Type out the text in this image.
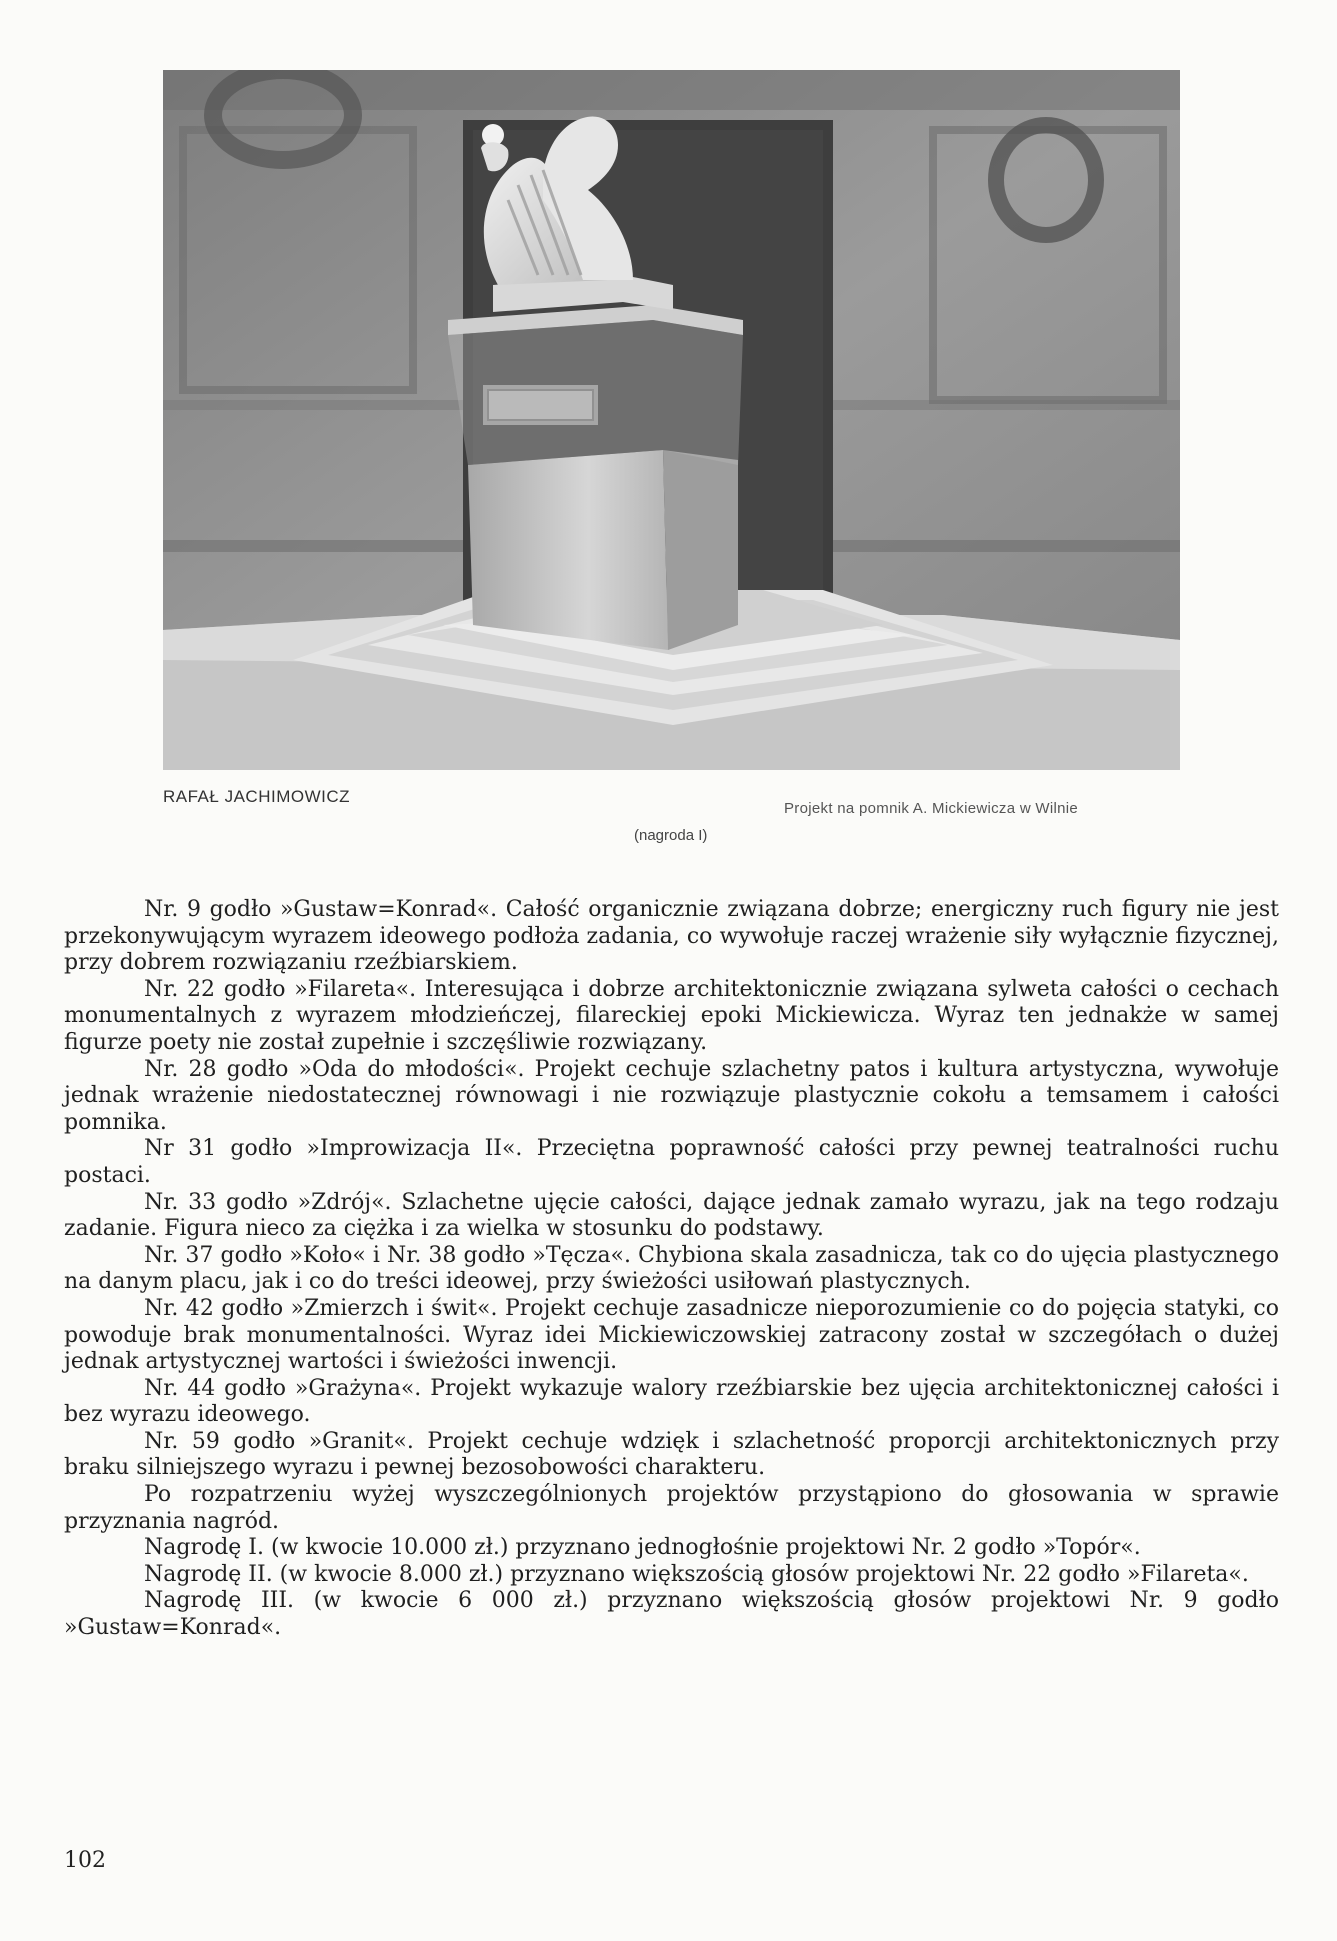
RAFAŁ JACHIMOWICZ
Projekt na pomnik A. Mickiewicza w Wilnie
(nagroda I)

Nr. 9 godło »Gustaw=Konrad«. Całość organicznie związana dobrze; energiczny ruch figury nie jest przekonywującym wyrazem ideowego podłoża zadania, co wywołuje raczej wrażenie siły wyłącznie fizycznej, przy dobrem rozwiązaniu rzeźbiarskiem.

Nr. 22 godło »Filareta«. Interesująca i dobrze architektonicznie związana sylweta całości o cechach monumentalnych z wyrazem młodzieńczej, filareckiej epoki Mickiewicza. Wyraz ten jednakże w samej figurze poety nie został zupełnie i szczęśliwie rozwiązany.

Nr. 28 godło »Oda do młodości«. Projekt cechuje szlachetny patos i kultura artystyczna, wywołuje jednak wrażenie niedostatecznej równowagi i nie rozwiązuje plastycznie cokołu a temsamem i całości pomnika.

Nr 31 godło »Improwizacja II«. Przeciętna poprawność całości przy pewnej teatralności ruchu postaci.

Nr. 33 godło »Zdrój«. Szlachetne ujęcie całości, dające jednak zamało wyrazu, jak na tego rodzaju zadanie. Figura nieco za ciężka i za wielka w stosunku do podstawy.

Nr. 37 godło »Koło« i Nr. 38 godło »Tęcza«. Chybiona skala zasadnicza, tak co do ujęcia plastycznego na danym placu, jak i co do treści ideowej, przy świeżości usiłowań plastycznych.

Nr. 42 godło »Zmierzch i świt«. Projekt cechuje zasadnicze nieporozumienie co do pojęcia statyki, co powoduje brak monumentalności. Wyraz idei Mickiewiczowskiej zatracony został w szczegółach o dużej jednak artystycznej wartości i świeżości inwencji.

Nr. 44 godło »Grażyna«. Projekt wykazuje walory rzeźbiarskie bez ujęcia architektonicznej całości i bez wyrazu ideowego.

Nr. 59 godło »Granit«. Projekt cechuje wdzięk i szlachetność proporcji architektonicznych przy braku silniejszego wyrazu i pewnej bezosobowości charakteru.

Po rozpatrzeniu wyżej wyszczególnionych projektów przystąpiono do głosowania w sprawie przyznania nagród.

Nagrodę I. (w kwocie 10.000 zł.) przyznano jednogłośnie projektowi Nr. 2 godło »Topór«.

Nagrodę II. (w kwocie 8.000 zł.) przyznano większością głosów projektowi Nr. 22 godło »Filareta«.

Nagrodę III. (w kwocie 6 000 zł.) przyznano większością głosów projektowi Nr. 9 godło »Gustaw=Konrad«.

102
